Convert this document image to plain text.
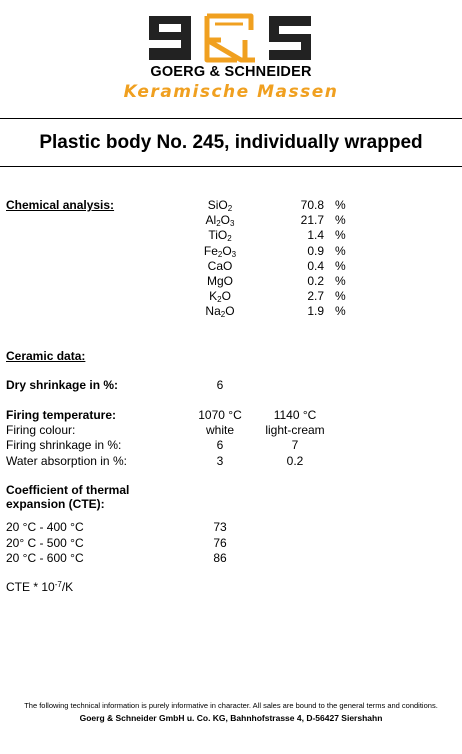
GOERG & SCHNEIDER
Keramische Massen
Plastic body No. 245, individually wrapped
Chemical analysis:	SiO$_2$	70.8 %
$Al_2O_3$	21.7 %
TiO$_2$	1.4 %
$Fe_2O_3$	0.9 %
CaO	0.4 %
MgO	0.2 %
$K_2O$	2.7 %
$Na_2O$	1.9 %
Ceramic data:
Dry shrinkage in %:	6
Firing temperature:	1070 °C	1140 °C
Firing colour:	white	light-cream
Firing shrinkage in %:	6	7
Water absorption in %:	3	0.2
Coefficient of thermal
expansion (CTE):
20 °C - 400 °C	73
20° C - 500 °C	76
20 °C - 600 °C	86
CTE * $10^{-7}/K$
The following technical information is purely informative in character. All sales are bound to the general terms and conditions.
Goerg & Schneider GmbH u. Co. KG, Bahnhofstrasse 4, D-56427 Siershahn
